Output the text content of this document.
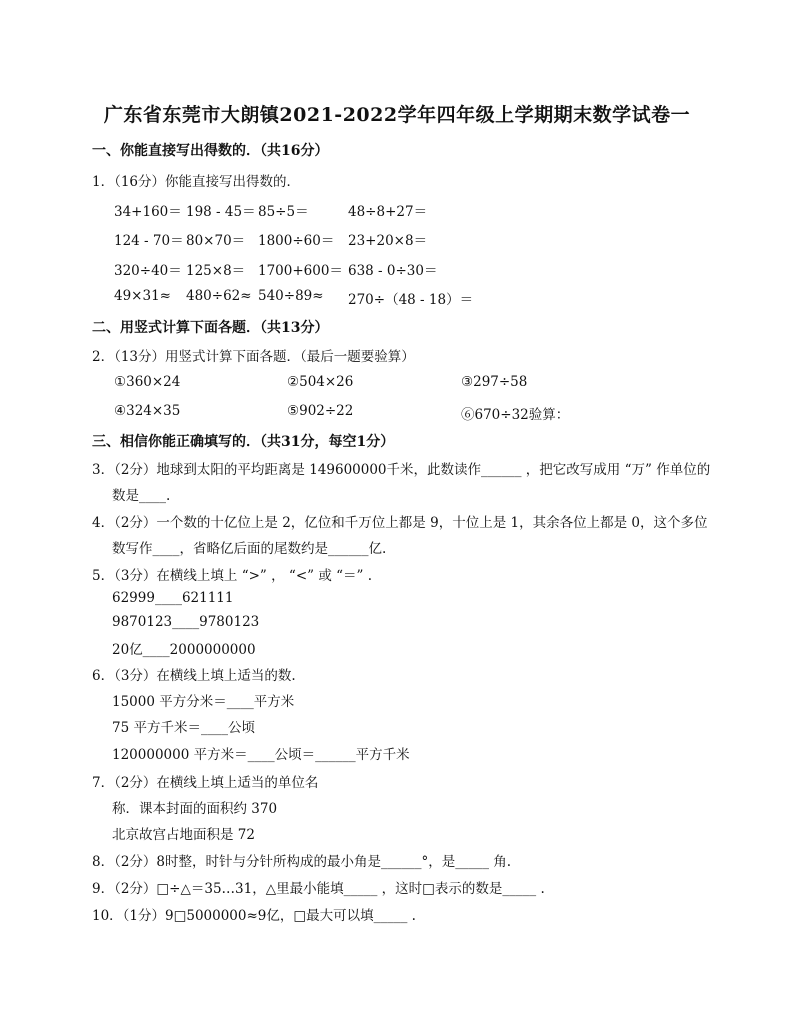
广东省东莞市大朗镇2021-2022学年四年级上学期期末数学试卷一
一、你能直接写出得数的．（共16分）
1．（16分）你能直接写出得数的．
34+160＝ 198 - 45＝ 85÷5＝	48÷8+27＝
124 - 70＝ 80×70＝ 1800÷60＝ 23+20×8＝
320÷40＝ 125×8＝ 1700+600＝ 638 - 0÷30＝
49×31≈ 480÷62≈ 540÷89≈ 270÷（48 - 18）＝
二、用竖式计算下面各题．（共13分）
2．（13分）用竖式计算下面各题．（最后一题要验算）
①360×24	②504×26	③297÷58
④324×35	⑤902÷22	⑥670÷32验算：
三、相信你能正确填写的．（共31分，每空1分）
3．（2分）地球到太阳的平均距离是 149600000千米，此数读作______ ，把它改写成用 “万” 作单位的
数是____.
4．（2分）一个数的十亿位上是 2，亿位和千万位上都是 9，十位上是 1，其余各位上都是 0，这个多位
数写作____，省略亿后面的尾数约是______亿.
5．（3分）在横线上填上 “>” ， “<” 或 “＝” .
62999____621111
9870123____9780123
20亿____2000000000
6．（3分）在横线上填上适当的数.
15000 平方分米＝____平方米
75 平方千米＝____公顷
120000000 平方米＝____公顷＝______平方千米
7．（2分）在横线上填上适当的单位名
称．课本封面的面积约 370
北京故宫占地面积是 72
8．（2分）8时整，时针与分针所构成的最小角是______°，是_____ 角.
9．（2分）□÷△＝35…31，△里最小能填_____ ，这时□表示的数是_____ .
10．（1分）9□5000000≈9亿，□最大可以填_____ .
